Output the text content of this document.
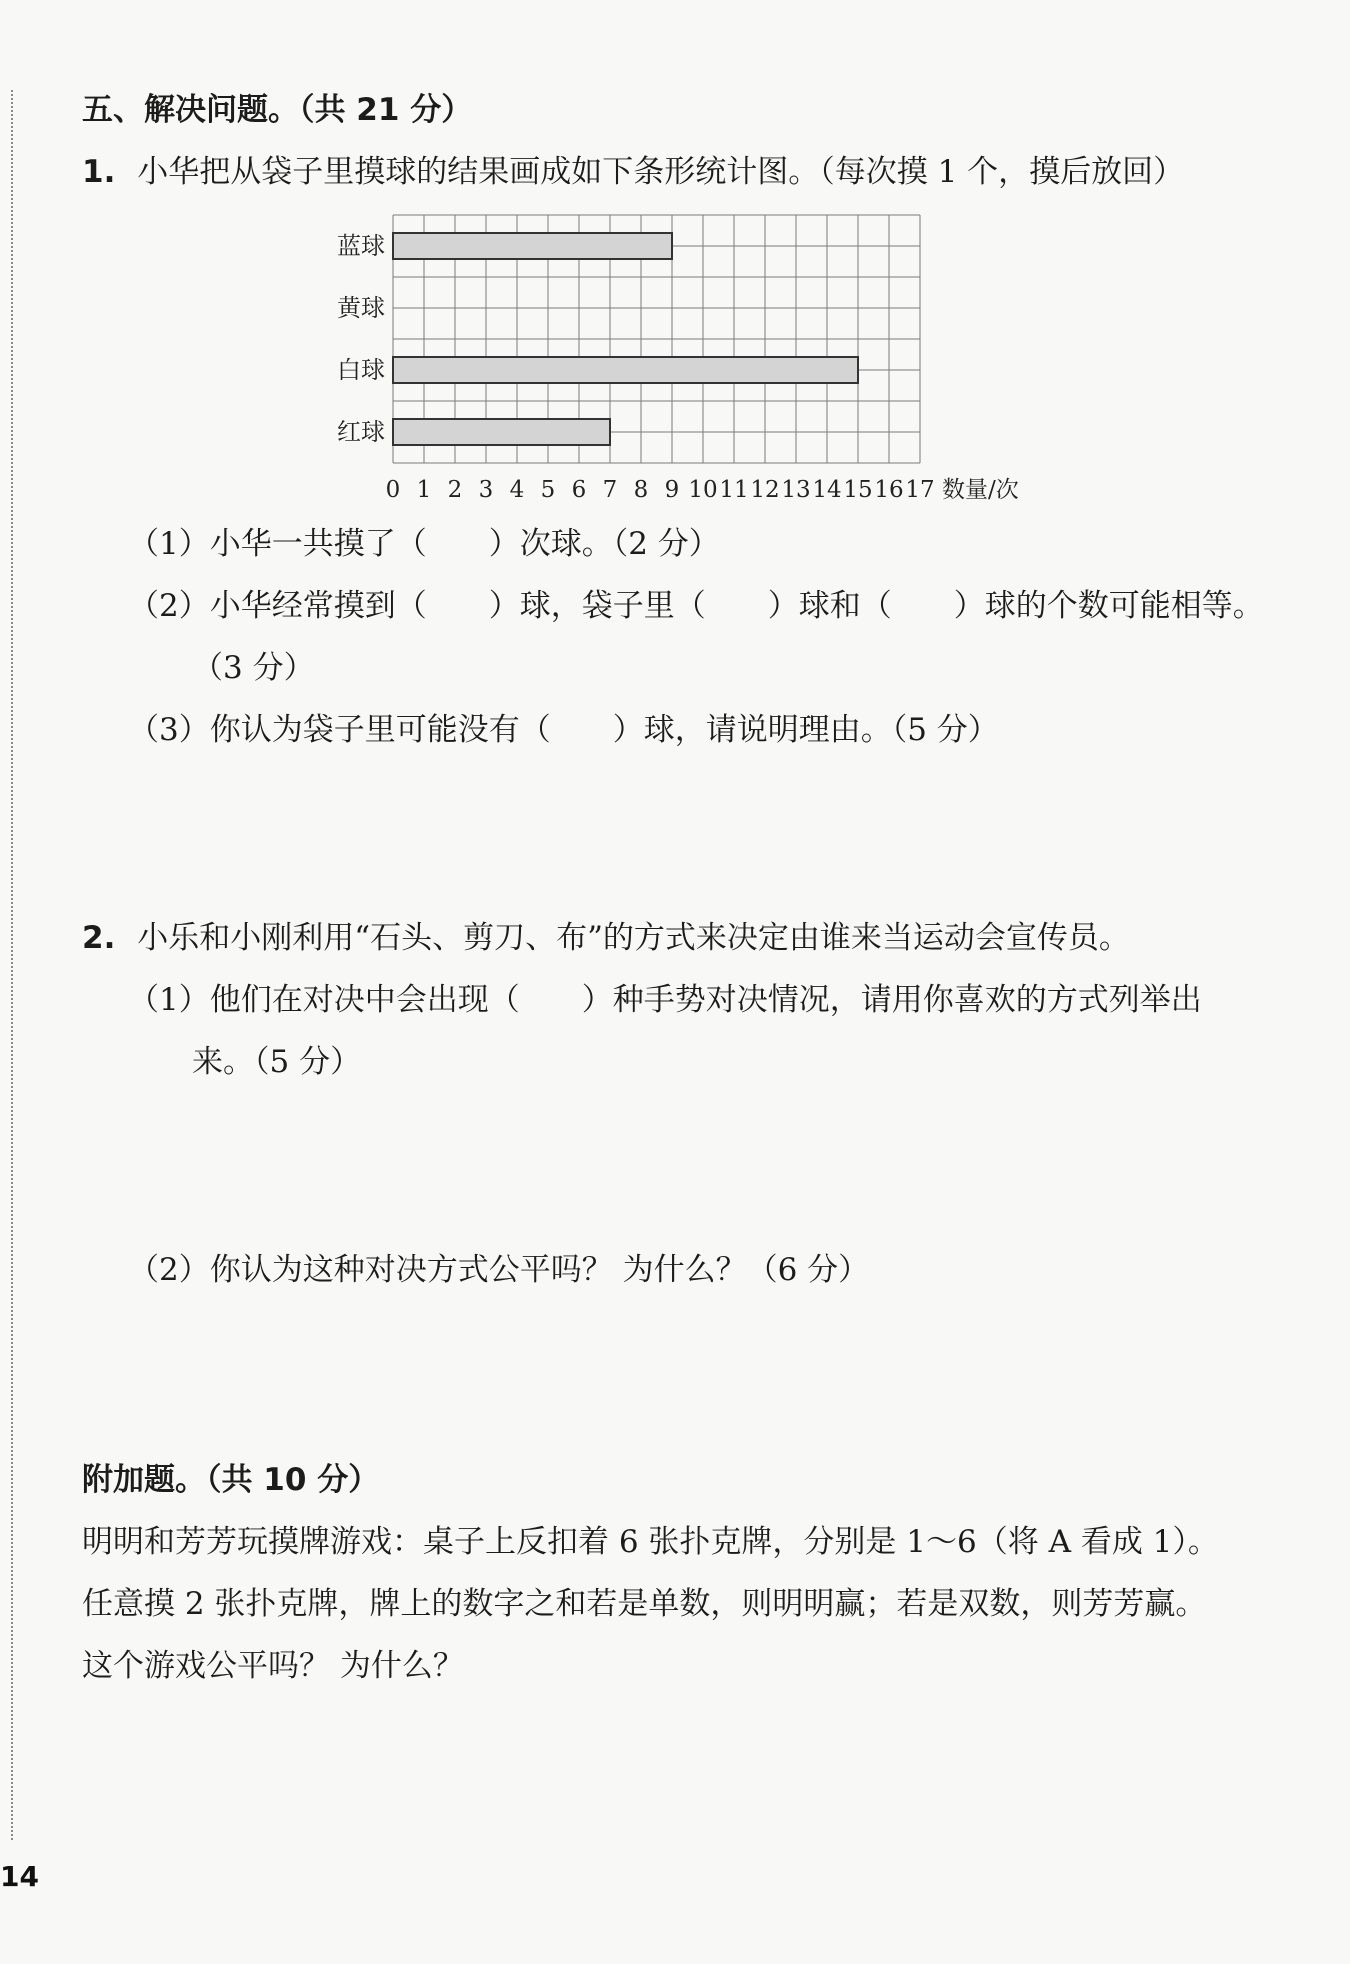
五、解决问题。（共 21 分）
1. 小华把从袋子里摸球的结果画成如下条形统计图。（每次摸 1 个，摸后放回）
蓝球
黄球
白球
红球
0 1 2 3 4 5 6 7 8 9 10 11 12 13 14 15 16 17 数量/次
（1）小华一共摸了（　　）次球。（2 分）
（2）小华经常摸到（　　）球，袋子里（　　）球和（　　）球的个数可能相等。
（3 分）
（3）你认为袋子里可能没有（　　）球，请说明理由。（5 分）
2. 小乐和小刚利用“石头、剪刀、布”的方式来决定由谁来当运动会宣传员。
（1）他们在对决中会出现（　　）种手势对决情况，请用你喜欢的方式列举出
来。（5 分）
（2）你认为这种对决方式公平吗？ 为什么？（6 分）
附加题。（共 10 分）
明明和芳芳玩摸牌游戏：桌子上反扣着 6 张扑克牌，分别是 1～6（将 A 看成 1）。
任意摸 2 张扑克牌，牌上的数字之和若是单数，则明明赢；若是双数，则芳芳赢。
这个游戏公平吗？ 为什么？
14
